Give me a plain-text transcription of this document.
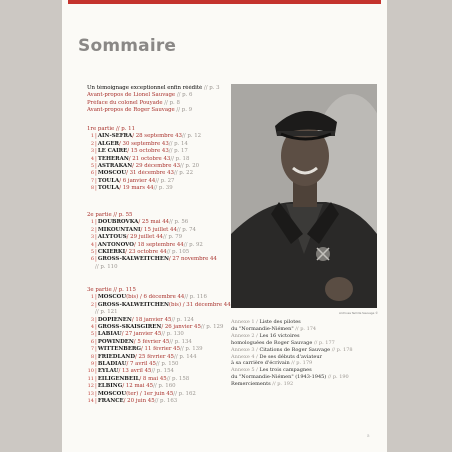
Sommaire
Un témoignage exceptionnel enfin réédité // p. 3
Avant-propos de Lionel Sauvage // p. 6
Préface du colonel Pouyade // p. 8
Avant-propos de Roger Sauvage // p. 9
1re partie // p. 11
1 | AÏN-SEFRA / 28 septembre 43 // p. 12
2 | ALGER / 30 septembre 43 // p. 14
3 | LE CAIRE / 15 octobre 43 // p. 17
4 | TÉHÉRAN / 21 octobre 43 // p. 18
5 | ASTRAKAN / 29 décembre 43 // p. 20
6 | MOSCOU / 31 décembre 43 // p. 22
7 | TOULA / 6 janvier 44 // p. 27
8 | TOULA / 19 mars 44 // p. 39
2e partie // p. 55
1 | DOUBROVKA / 25 mai 44 // p. 56
2 | MIKOUNTANI / 15 juillet 44 // p. 74
3 | ALYTOUS / 29 juillet 44 // p. 79
4 | ANTONOVO / 18 septembre 44 // p. 92
5 | CKIERKI / 23 octobre 44 // p. 105
6 | GROSS-KALWEITCHEN / 27 novembre 44
// p. 110
3e partie // p. 115
1 | MOSCOU (bis) / 6 décembre 44 // p. 116
2 | GROSS-KALWEITCHEN (bis) / 31 décembre 44
// p. 121
3 | DOPIENEN / 18 janvier 45 // p. 124
4 | GROSS-SKAISGIREN / 26 janvier 45 // p. 129
5 | LABIAU / 27 janvier 45 // p. 130
6 | POWINDEN / 5 février 45 // p. 134
7 | WITTENBERG / 11 février 45 // p. 139
8 | FRIEDLAND / 25 février 45 // p. 144
9 | BLADIAU / 7 avril 45 // p. 150
10 | EYLAU / 13 avril 45 // p. 154
11 | EILIGENBEIL / 8 mai 45 // p. 158
12 | ELBING / 12 mai 45 // p. 160
13 | MOSCOU (ter) / 1er juin 45 // p. 162
14 | FRANCE / 20 juin 45 // p. 163
Archives famille Sauvage ©
Annexe 1 / Liste des pilotes
du "Normandie-Niémen" // p. 174
Annexe 2 / Les 16 victoires
homologuées de Roger Sauvage // p. 177
Annexe 3 / Citations de Roger Sauvage // p. 178
Annexe 4 / De ses débuts d'aviateur
à sa carrière d'écrivain // p. 179
Annexe 5 / Les trois campagnes
du "Normandie-Niémen" (1943-1945) // p. 190
Remerciements // p. 192
5
